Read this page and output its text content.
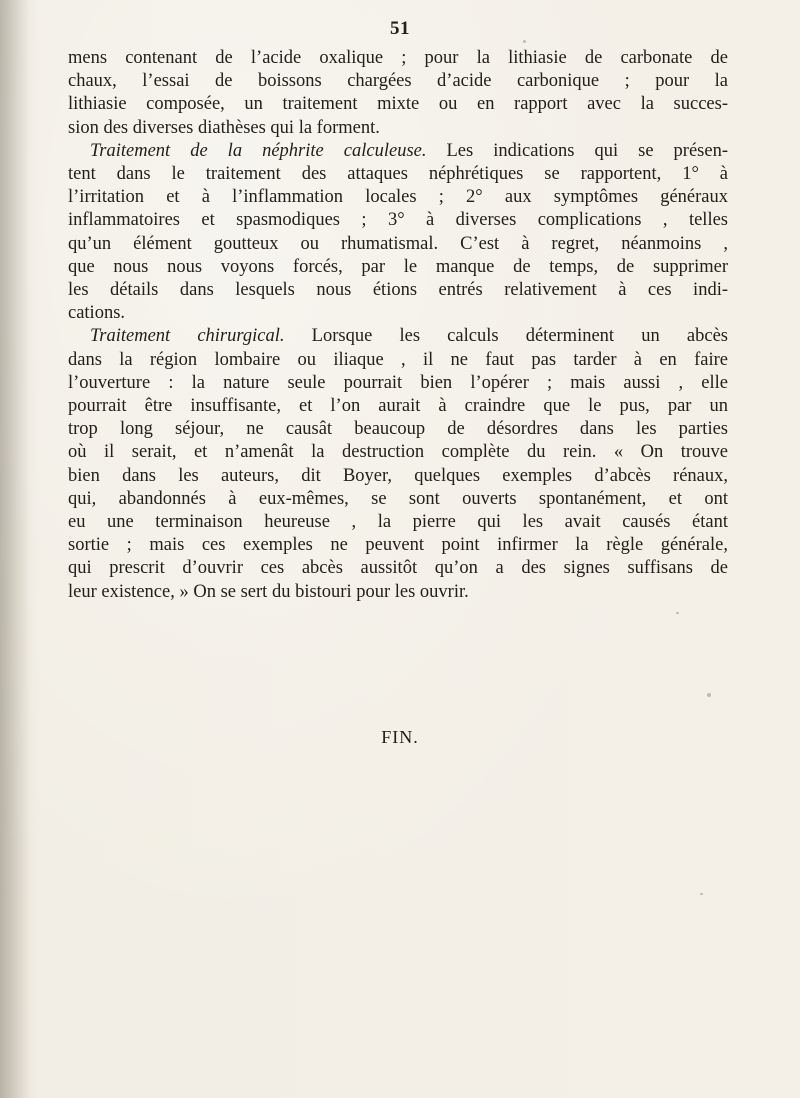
51
mens contenant de l’acide oxalique ; pour la lithiasie de carbonate de
chaux, l’essai de boissons chargées d’acide carbonique ; pour la
lithiasie composée, un traitement mixte ou en rapport avec la succes-
sion des diverses diathèses qui la forment.
Traitement de la néphrite calculeuse. Les indications qui se présen-
tent dans le traitement des attaques néphrétiques se rapportent, 1° à
l’irritation et à l’inflammation locales ; 2° aux symptômes généraux
inflammatoires et spasmodiques ; 3° à diverses complications , telles
qu’un élément goutteux ou rhumatismal. C’est à regret, néanmoins ,
que nous nous voyons forcés, par le manque de temps, de supprimer
les détails dans lesquels nous étions entrés relativement à ces indi-
cations.
Traitement chirurgical. Lorsque les calculs déterminent un abcès
dans la région lombaire ou iliaque , il ne faut pas tarder à en faire
l’ouverture : la nature seule pourrait bien l’opérer ; mais aussi , elle
pourrait être insuffisante, et l’on aurait à craindre que le pus, par un
trop long séjour, ne causât beaucoup de désordres dans les parties
où il serait, et n’amenât la destruction complète du rein. « On trouve
bien dans les auteurs, dit Boyer, quelques exemples d’abcès rénaux,
qui, abandonnés à eux-mêmes, se sont ouverts spontanément, et ont
eu une terminaison heureuse , la pierre qui les avait causés étant
sortie ; mais ces exemples ne peuvent point infirmer la règle générale,
qui prescrit d’ouvrir ces abcès aussitôt qu’on a des signes suffisans de
leur existence, » On se sert du bistouri pour les ouvrir.
FIN.
